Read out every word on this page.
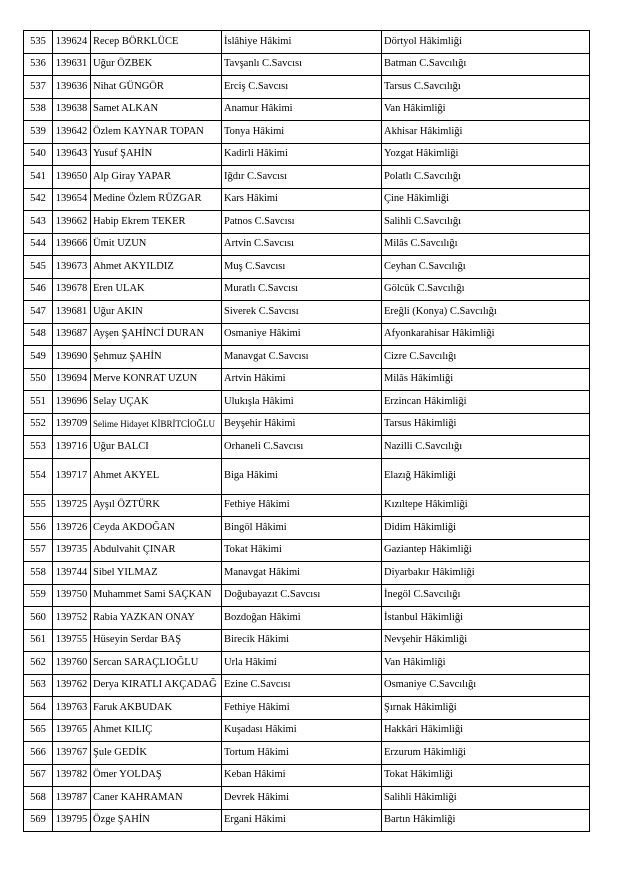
535	139624	Recep BÖRKLÜCE	İslâhiye Hâkimi	Dörtyol Hâkimliği
536	139631	Uğur ÖZBEK	Tavşanlı C.Savcısı	Batman C.Savcılığı
537	139636	Nihat GÜNGÖR	Erciş C.Savcısı	Tarsus C.Savcılığı
538	139638	Samet ALKAN	Anamur Hâkimi	Van Hâkimliği
539	139642	Özlem KAYNAR TOPAN	Tonya Hâkimi	Akhisar Hâkimliği
540	139643	Yusuf ŞAHİN	Kadirli Hâkimi	Yozgat Hâkimliği
541	139650	Alp Giray YAPAR	Iğdır C.Savcısı	Polatlı C.Savcılığı
542	139654	Medine Özlem RÜZGAR	Kars Hâkimi	Çine Hâkimliği
543	139662	Habip Ekrem TEKER	Patnos C.Savcısı	Salihli C.Savcılığı
544	139666	Ümit UZUN	Artvin C.Savcısı	Milâs C.Savcılığı
545	139673	Ahmet AKYILDIZ	Muş C.Savcısı	Ceyhan C.Savcılığı
546	139678	Eren ULAK	Muratlı C.Savcısı	Gölcük C.Savcılığı
547	139681	Uğur AKIN	Siverek C.Savcısı	Ereğli (Konya) C.Savcılığı
548	139687	Ayşen ŞAHİNCİ DURAN	Osmaniye Hâkimi	Afyonkarahisar Hâkimliği
549	139690	Şehmuz ŞAHİN	Manavgat C.Savcısı	Cizre C.Savcılığı
550	139694	Merve KONRAT UZUN	Artvin Hâkimi	Milâs Hâkimliği
551	139696	Selay UÇAK	Ulukışla Hâkimi	Erzincan Hâkimliği
552	139709	Selime Hidayet KİBRİTCİOĞLU	Beyşehir Hâkimi	Tarsus Hâkimliği
553	139716	Uğur BALCI	Orhaneli C.Savcısı	Nazilli C.Savcılığı
554	139717	Ahmet AKYEL	Biga Hâkimi	Elazığ Hâkimliği
555	139725	Ayşıl ÖZTÜRK	Fethiye Hâkimi	Kızıltepe Hâkimliği
556	139726	Ceyda AKDOĞAN	Bingöl Hâkimi	Didim Hâkimliği
557	139735	Abdulvahit ÇINAR	Tokat Hâkimi	Gaziantep Hâkimliği
558	139744	Sibel YILMAZ	Manavgat Hâkimi	Diyarbakır Hâkimliği
559	139750	Muhammet Sami SAÇKAN	Doğubayazıt C.Savcısı	İnegöl C.Savcılığı
560	139752	Rabia YAZKAN ONAY	Bozdoğan Hâkimi	İstanbul Hâkimliği
561	139755	Hüseyin Serdar BAŞ	Birecik Hâkimi	Nevşehir Hâkimliği
562	139760	Sercan SARAÇLIOĞLU	Urla Hâkimi	Van Hâkimliği
563	139762	Derya KIRATLI AKÇADAĞ	Ezine C.Savcısı	Osmaniye C.Savcılığı
564	139763	Faruk AKBUDAK	Fethiye Hâkimi	Şırnak Hâkimliği
565	139765	Ahmet KILIÇ	Kuşadası Hâkimi	Hakkâri Hâkimliği
566	139767	Şule GEDİK	Tortum Hâkimi	Erzurum Hâkimliği
567	139782	Ömer YOLDAŞ	Keban Hâkimi	Tokat Hâkimliği
568	139787	Caner KAHRAMAN	Devrek Hâkimi	Salihli Hâkimliği
569	139795	Özge ŞAHİN	Ergani Hâkimi	Bartın Hâkimliği
